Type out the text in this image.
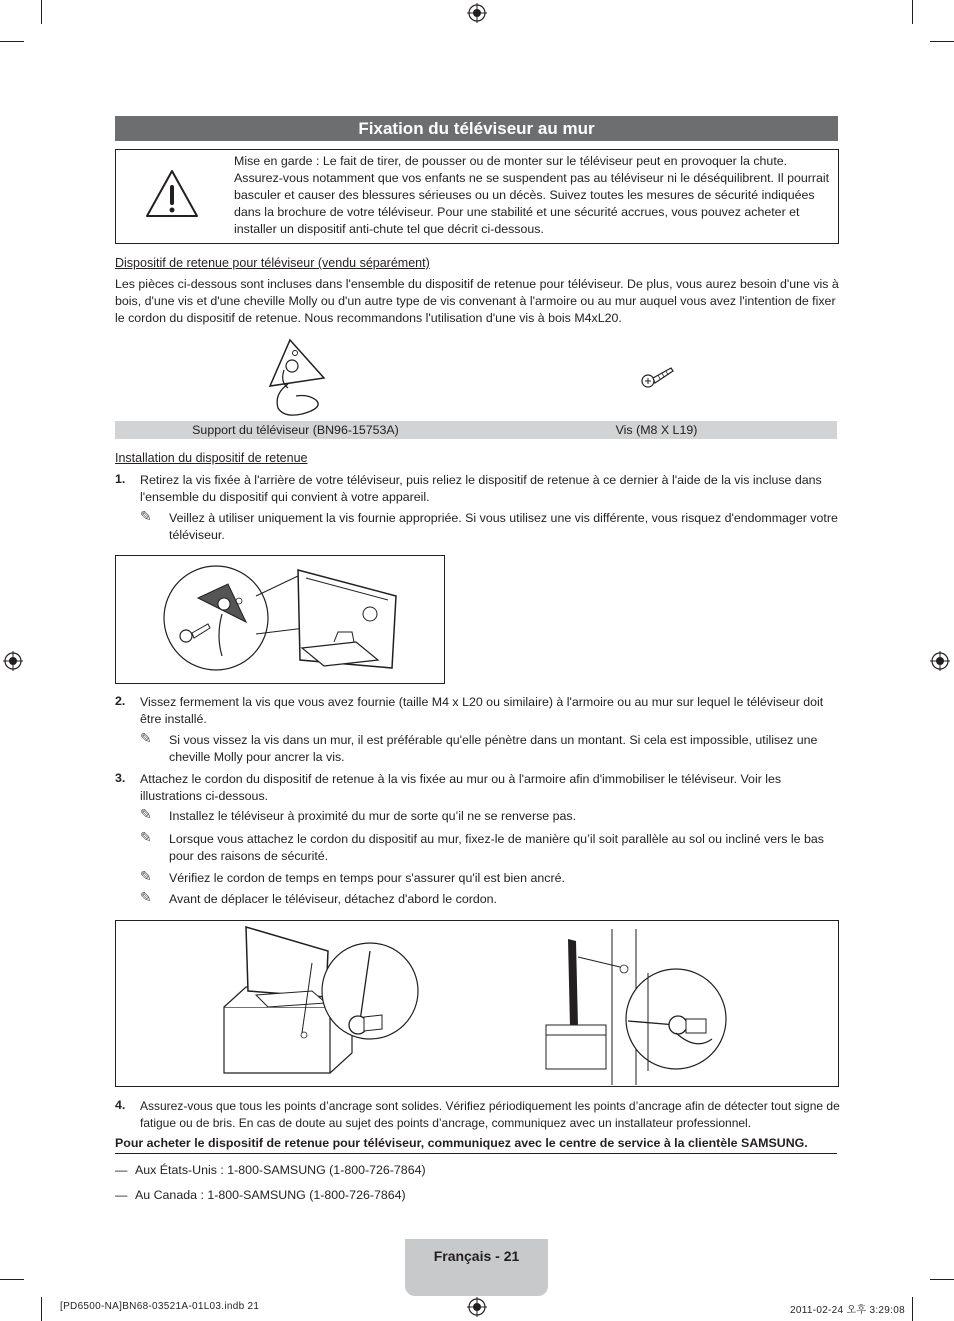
Fixation du téléviseur au mur
Mise en garde : Le fait de tirer, de pousser ou de monter sur le téléviseur peut en provoquer la chute. Assurez-vous notamment que vos enfants ne se suspendent pas au téléviseur ni le déséquilibrent. Il pourrait basculer et causer des blessures sérieuses ou un décès. Suivez toutes les mesures de sécurité indiquées dans la brochure de votre téléviseur. Pour une stabilité et une sécurité accrues, vous pouvez acheter et installer un dispositif anti-chute tel que décrit ci-dessous.
Dispositif de retenue pour téléviseur (vendu séparément)
Les pièces ci-dessous sont incluses dans l'ensemble du dispositif de retenue pour téléviseur. De plus, vous aurez besoin d'une vis à bois, d'une vis et d'une cheville Molly ou d'un autre type de vis convenant à l'armoire ou au mur auquel vous avez l'intention de fixer le cordon du dispositif de retenue. Nous recommandons l'utilisation d'une vis à bois M4xL20.
Support du téléviseur (BN96-15753A)	Vis (M8 X L19)
Installation du dispositif de retenue
1. Retirez la vis fixée à l'arrière de votre téléviseur, puis reliez le dispositif de retenue à ce dernier à l'aide de la vis incluse dans l'ensemble du dispositif qui convient à votre appareil.
✎ Veillez à utiliser uniquement la vis fournie appropriée. Si vous utilisez une vis différente, vous risquez d'endommager votre téléviseur.
2. Vissez fermement la vis que vous avez fournie (taille M4 x L20 ou similaire) à l'armoire ou au mur sur lequel le téléviseur doit être installé.
✎ Si vous vissez la vis dans un mur, il est préférable qu'elle pénètre dans un montant. Si cela est impossible, utilisez une cheville Molly pour ancrer la vis.
3. Attachez le cordon du dispositif de retenue à la vis fixée au mur ou à l'armoire afin d'immobiliser le téléviseur. Voir les illustrations ci-dessous.
✎ Installez le téléviseur à proximité du mur de sorte qu’il ne se renverse pas.
✎ Lorsque vous attachez le cordon du dispositif au mur, fixez-le de manière qu’il soit parallèle au sol ou incliné vers le bas pour des raisons de sécurité.
✎ Vérifiez le cordon de temps en temps pour s'assurer qu'il est bien ancré.
✎ Avant de déplacer le téléviseur, détachez d'abord le cordon.
4. Assurez-vous que tous les points d’ancrage sont solides. Vérifiez périodiquement les points d’ancrage afin de détecter tout signe de fatigue ou de bris. En cas de doute au sujet des points d’ancrage, communiquez avec un installateur professionnel.
Pour acheter le dispositif de retenue pour téléviseur, communiquez avec le centre de service à la clientèle SAMSUNG.
— Aux États-Unis : 1-800-SAMSUNG (1-800-726-7864)
— Au Canada : 1-800-SAMSUNG (1-800-726-7864)
Français - 21
[PD6500-NA]BN68-03521A-01L03.indb 21	2011-02-24 오후 3:29:08
